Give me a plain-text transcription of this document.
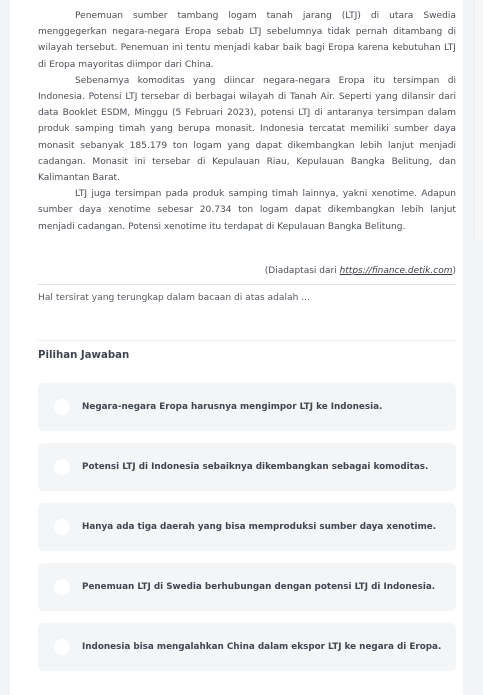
Penemuan sumber tambang logam tanah jarang (LTJ) di utara Swedia menggegerkan negara-negara Eropa sebab LTJ sebelumnya tidak pernah ditambang di wilayah tersebut. Penemuan ini tentu menjadi kabar baik bagi Eropa karena kebutuhan LTJ di Eropa mayoritas diimpor dari China.

Sebenarnya komoditas yang diincar negara-negara Eropa itu tersimpan di Indonesia. Potensi LTJ tersebar di berbagai wilayah di Tanah Air. Seperti yang dilansir dari data Booklet ESDM, Minggu (5 Februari 2023), potensi LTJ di antaranya tersimpan dalam produk samping timah yang berupa monasit. Indonesia tercatat memiliki sumber daya monasit sebanyak 185.179 ton logam yang dapat dikembangkan lebih lanjut menjadi cadangan. Monasit ini tersebar di Kepulauan Riau, Kepulauan Bangka Belitung, dan Kalimantan Barat.

LTJ juga tersimpan pada produk samping timah lainnya, yakni xenotime. Adapun sumber daya xenotime sebesar 20.734 ton logam dapat dikembangkan lebih lanjut menjadi cadangan. Potensi xenotime itu terdapat di Kepulauan Bangka Belitung.

(Diadaptasi dari https://finance.detik.com)
Hal tersirat yang terungkap dalam bacaan di atas adalah ...
Pilihan Jawaban
Negara-negara Eropa harusnya mengimpor LTJ ke Indonesia.
Potensi LTJ di Indonesia sebaiknya dikembangkan sebagai komoditas.
Hanya ada tiga daerah yang bisa memproduksi sumber daya xenotime.
Penemuan LTJ di Swedia berhubungan dengan potensi LTJ di Indonesia.
Indonesia bisa mengalahkan China dalam ekspor LTJ ke negara di Eropa.
